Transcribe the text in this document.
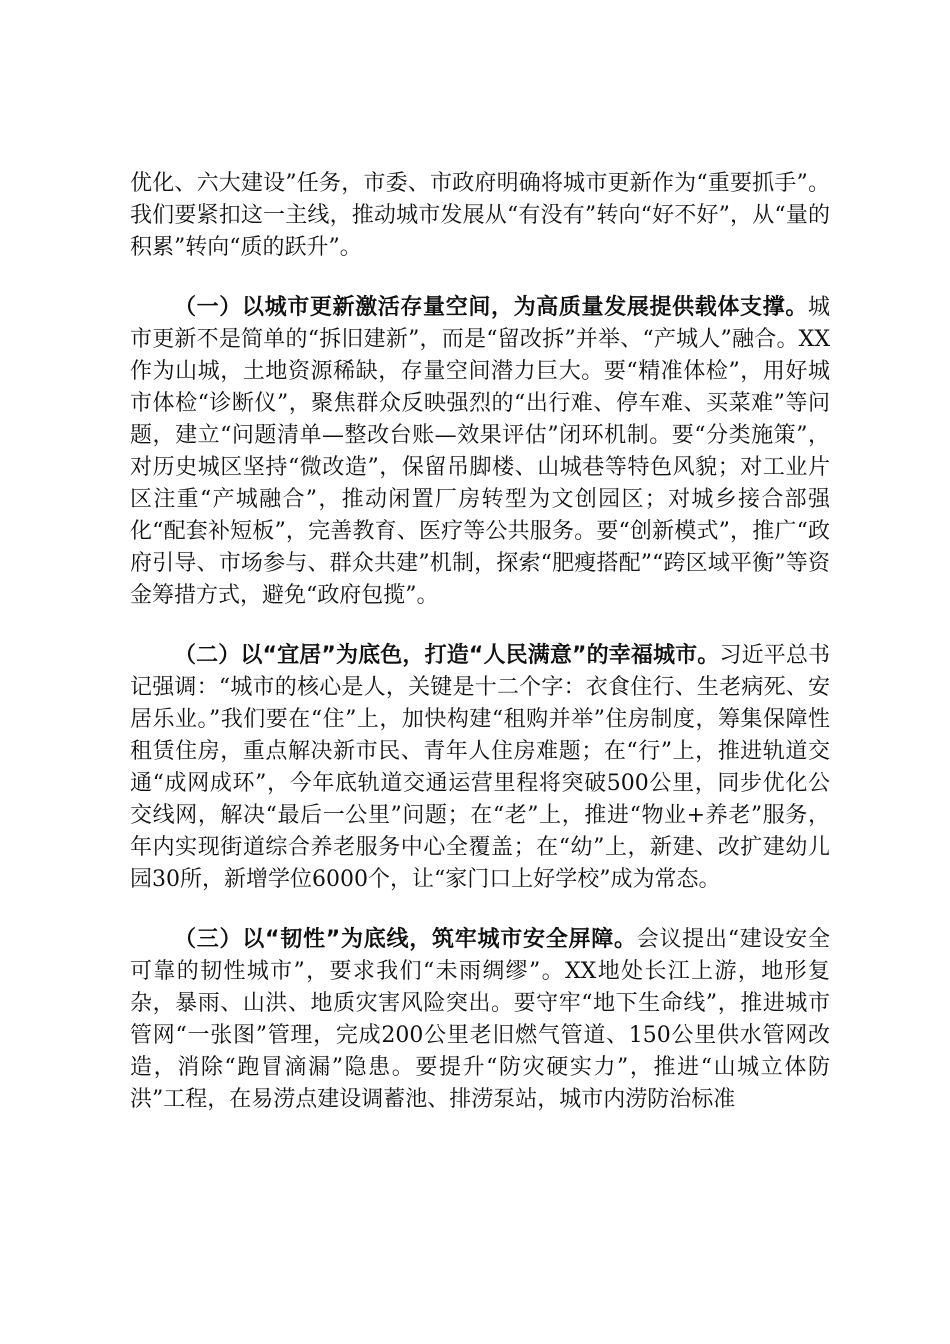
优化、六大建设”任务，市委、市政府明确将城市更新作为“重要抓手”。我们要紧扣这一主线，推动城市发展从“有没有”转向“好不好”，从“量的积累”转向“质的跃升”。

（一）以城市更新激活存量空间，为高质量发展提供载体支撑。城市更新不是简单的“拆旧建新”，而是“留改拆”并举、“产城人”融合。XX作为山城，土地资源稀缺，存量空间潜力巨大。要“精准体检”，用好城市体检“诊断仪”，聚焦群众反映强烈的“出行难、停车难、买菜难”等问题，建立“问题清单—整改台账—效果评估”闭环机制。要“分类施策”，对历史城区坚持“微改造”，保留吊脚楼、山城巷等特色风貌；对工业片区注重“产城融合”，推动闲置厂房转型为文创园区；对城乡接合部强化“配套补短板”，完善教育、医疗等公共服务。要“创新模式”，推广“政府引导、市场参与、群众共建”机制，探索“肥瘦搭配”“跨区域平衡”等资金筹措方式，避免“政府包揽”。

（二）以“宜居”为底色，打造“人民满意”的幸福城市。习近平总书记强调：“城市的核心是人，关键是十二个字：衣食住行、生老病死、安居乐业。”我们要在“住”上，加快构建“租购并举”住房制度，筹集保障性租赁住房，重点解决新市民、青年人住房难题；在“行”上，推进轨道交通“成网成环”，今年底轨道交通运营里程将突破500公里，同步优化公交线网，解决“最后一公里”问题；在“老”上，推进“物业+养老”服务，年内实现街道综合养老服务中心全覆盖；在“幼”上，新建、改扩建幼儿园30所，新增学位6000个，让“家门口上好学校”成为常态。

（三）以“韧性”为底线，筑牢城市安全屏障。会议提出“建设安全可靠的韧性城市”，要求我们“未雨绸缪”。XX地处长江上游，地形复杂，暴雨、山洪、地质灾害风险突出。要守牢“地下生命线”，推进城市管网“一张图”管理，完成200公里老旧燃气管道、150公里供水管网改造，消除“跑冒滴漏”隐患。要提升“防灾硬实力”，推进“山城立体防洪”工程，在易涝点建设调蓄池、排涝泵站，城市内涝防治标准
